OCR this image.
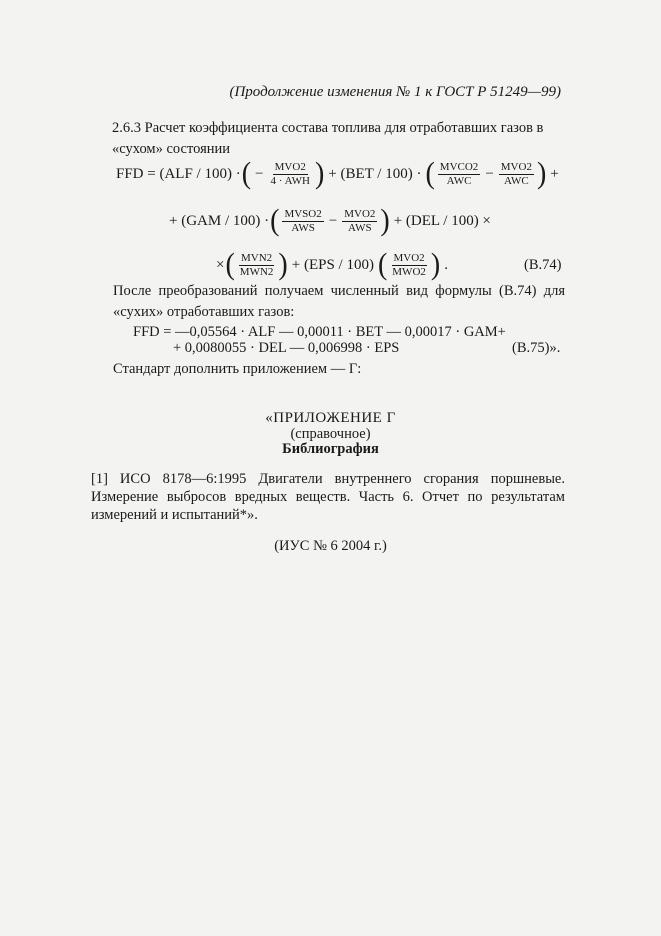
(Продолжение изменения № 1 к ГОСТ Р 51249—99)
2.6.3 Расчет коэффициента состава топлива для отработавших газов в «сухом» состоянии
FFD = (ALF / 100) · ( − $\frac{\text{MVO2}}{\text{4 · AWH}}$ ) + (BET / 100) · ( $\frac{\text{MVCO2}}{\text{AWC}} - \frac{\text{MVO2}}{\text{AWC}}$ ) +
+ (GAM / 100) · ( $\frac{\text{MVSO2}}{\text{AWS}} - \frac{\text{MVO2}}{\text{AWS}}$ ) + (DEL / 100) ×
× ( $\frac{\text{MVN2}}{\text{MWN2}}$ ) + (EPS / 100) ( $\frac{\text{MVO2}}{\text{MWO2}}$ ) .	(B.74)
После преобразований получаем численный вид формулы (В.74) для «сухих» отработавших газов:
FFD = —0,05564 · ALF — 0,00011 · BET — 0,00017 · GAM+
+ 0,0080055 · DEL — 0,006998 · EPS	(B.75)».
Стандарт дополнить приложением — Г:
«ПРИЛОЖЕНИЕ Г
(справочное)
Библиография
[1] ИСО 8178—6:1995 Двигатели внутреннего сгорания поршневые. Измерение выбросов вредных веществ. Часть 6. Отчет по результатам измерений и испытаний*».
(ИУС № 6 2004 г.)
